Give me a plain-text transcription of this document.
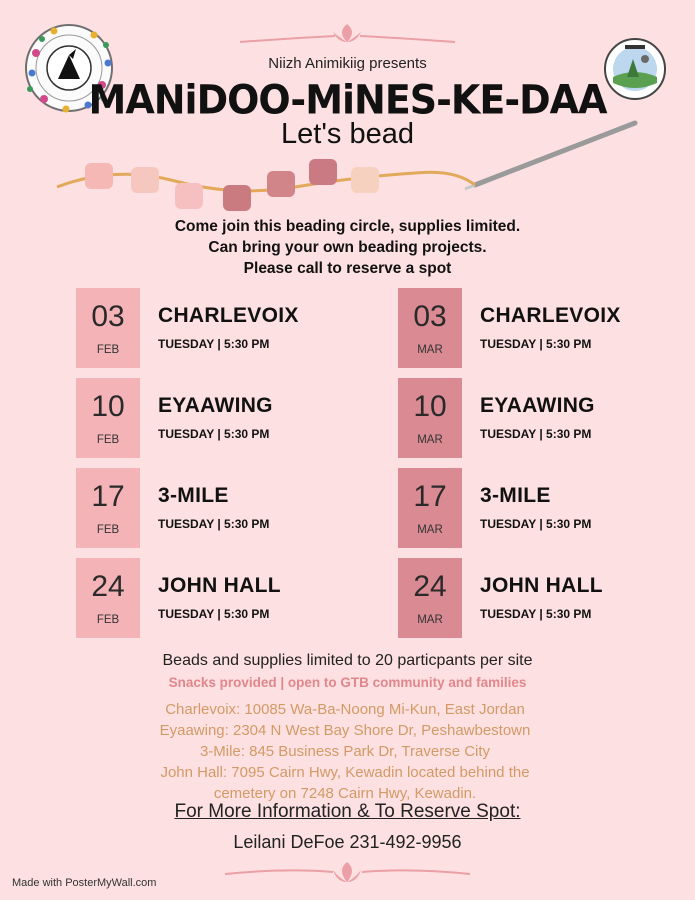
Niizh Animikiig presents
MANiDOO-MiNES-KE-DAA
Let's bead
Come join this beading circle, supplies limited.
Can bring your own beading projects.
Please call to reserve a spot
03
FEB
CHARLEVOIX
TUESDAY | 5:30 PM
10
FEB
EYAAWING
TUESDAY | 5:30 PM
17
FEB
3-MILE
TUESDAY | 5:30 PM
24
FEB
JOHN HALL
TUESDAY | 5:30 PM
03
MAR
CHARLEVOIX
TUESDAY | 5:30 PM
10
MAR
EYAAWING
TUESDAY | 5:30 PM
17
MAR
3-MILE
TUESDAY | 5:30 PM
24
MAR
JOHN HALL
TUESDAY | 5:30 PM
Beads and supplies limited to 20 particpants per site
Snacks provided | open to GTB community and families
Charlevoix: 10085 Wa-Ba-Noong Mi-Kun, East Jordan
Eyaawing: 2304 N West Bay Shore Dr, Peshawbestown
3-Mile: 845 Business Park Dr, Traverse City
John Hall: 7095 Cairn Hwy, Kewadin located behind the
cemetery on 7248 Cairn Hwy, Kewadin.
For More Information & To Reserve Spot:
Leilani DeFoe 231-492-9956
Made with PosterMyWall.com
